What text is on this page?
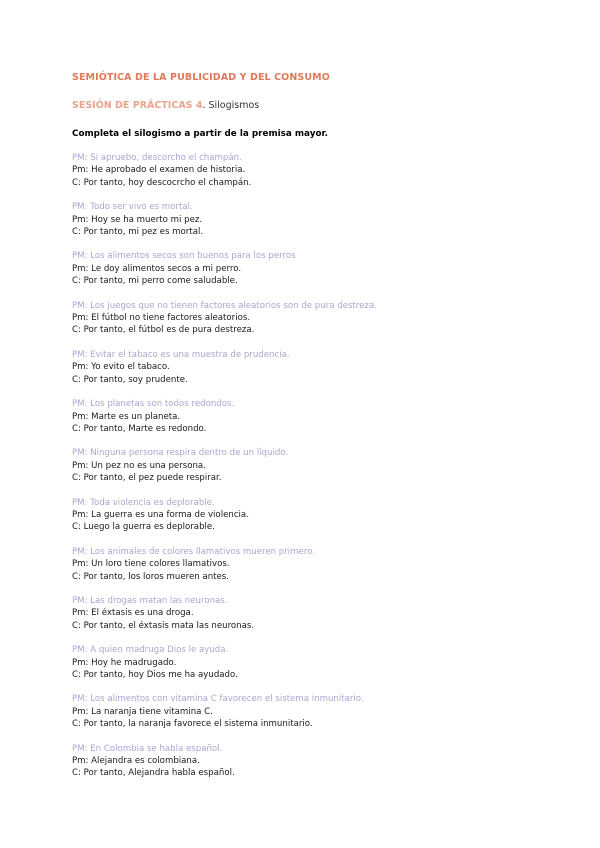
SEMIÓTICA DE LA PUBLICIDAD Y DEL CONSUMO
SESIÓN DE PRÁCTICAS 4. Silogismos
Completa el silogismo a partir de la premisa mayor.
PM: Si apruebo, descorcho el champán.
Pm: He aprobado el examen de historia.
C: Por tanto, hoy descocrcho el champán.
PM: Todo ser vivo es mortal.
Pm: Hoy se ha muerto mi pez.
C: Por tanto, mi pez es mortal.
PM: Los alimentos secos son buenos para los perros
Pm: Le doy alimentos secos a mi perro.
C: Por tanto, mi perro come saludable.
PM: Los juegos que no tienen factores aleatorios son de pura destreza.
Pm: El fútbol no tiene factores aleatorios.
C: Por tanto, el fútbol es de pura destreza.
PM: Evitar el tabaco es una muestra de prudencia.
Pm: Yo evito el tabaco.
C: Por tanto, soy prudente.
PM: Los planetas son todos redondos.
Pm: Marte es un planeta.
C: Por tanto, Marte es redondo.
PM: Ninguna persona respira dentro de un líquido.
Pm: Un pez no es una persona.
C: Por tanto, el pez puede respirar.
PM: Toda violencia es deplorable.
Pm: La guerra es una forma de violencia.
C: Luego la guerra es deplorable.
PM: Los animales de colores llamativos mueren primero.
Pm: Un loro tiene colores llamativos.
C: Por tanto, los loros mueren antes.
PM: Las drogas matan las neuronas.
Pm: El éxtasis es una droga.
C: Por tanto, el éxtasis mata las neuronas.
PM: A quien madruga Dios le ayuda.
Pm: Hoy he madrugado.
C: Por tanto, hoy Dios me ha ayudado.
PM: Los alimentos con vitamina C favorecen el sistema inmunitario.
Pm: La naranja tiene vitamina C.
C: Por tanto, la naranja favorece el sistema inmunitario.
PM: En Colombia se habla español.
Pm: Alejandra es colombiana.
C: Por tanto, Alejandra habla español.
